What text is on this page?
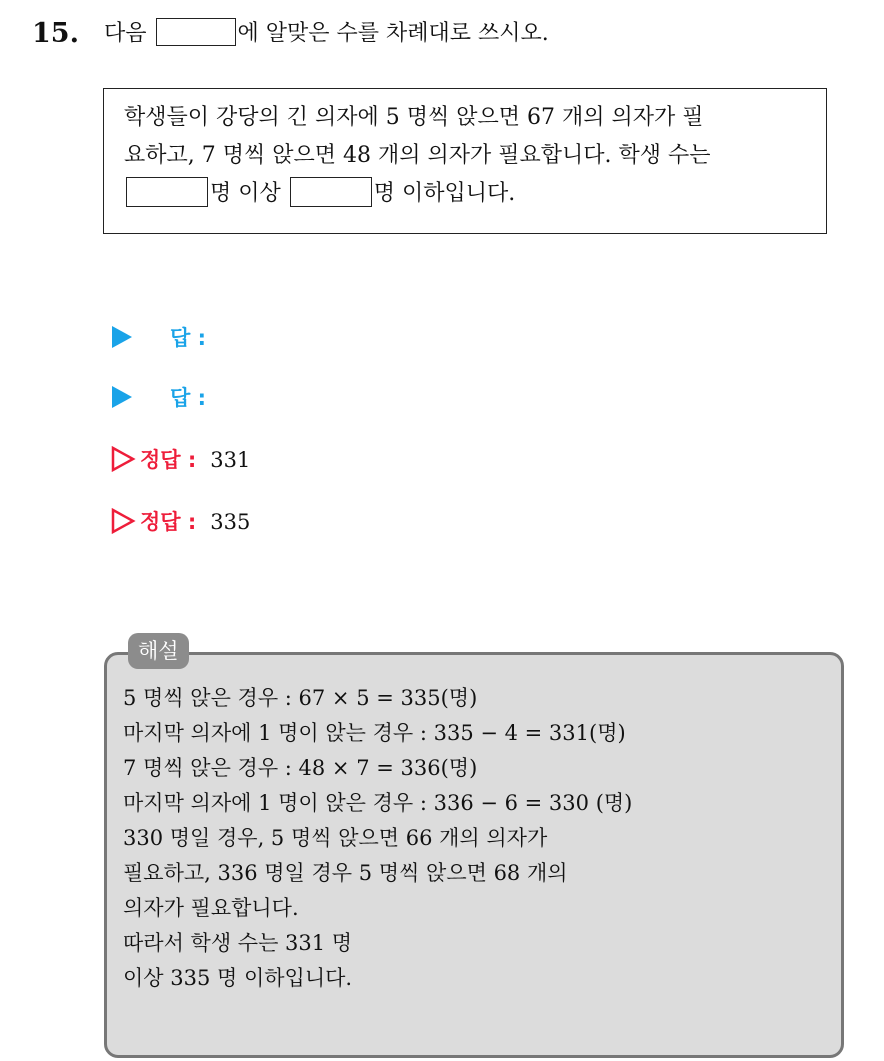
15. 다음	에 알맞은 수를 차례대로 쓰시오.
학생들이 강당의 긴 의자에 5 명씩 앉으면 67 개의 의자가 필
요하고, 7 명씩 앉으면 48 개의 의자가 필요합니다. 학생 수는
명 이상	명 이하입니다.
답 :
답 :
정답 : 331
정답 : 335
5 명씩 앉은 경우 : 67 × 5 = 335(명)
마지막 의자에 1 명이 앉는 경우 : 335 − 4 = 331(명)
7 명씩 앉은 경우 : 48 × 7 = 336(명)
마지막 의자에 1 명이 앉은 경우 : 336 − 6 = 330 (명)
330 명일 경우, 5 명씩 앉으면 66 개의 의자가
필요하고, 336 명일 경우 5 명씩 앉으면 68 개의
의자가 필요합니다.
따라서 학생 수는 331 명
이상 335 명 이하입니다.
해설
